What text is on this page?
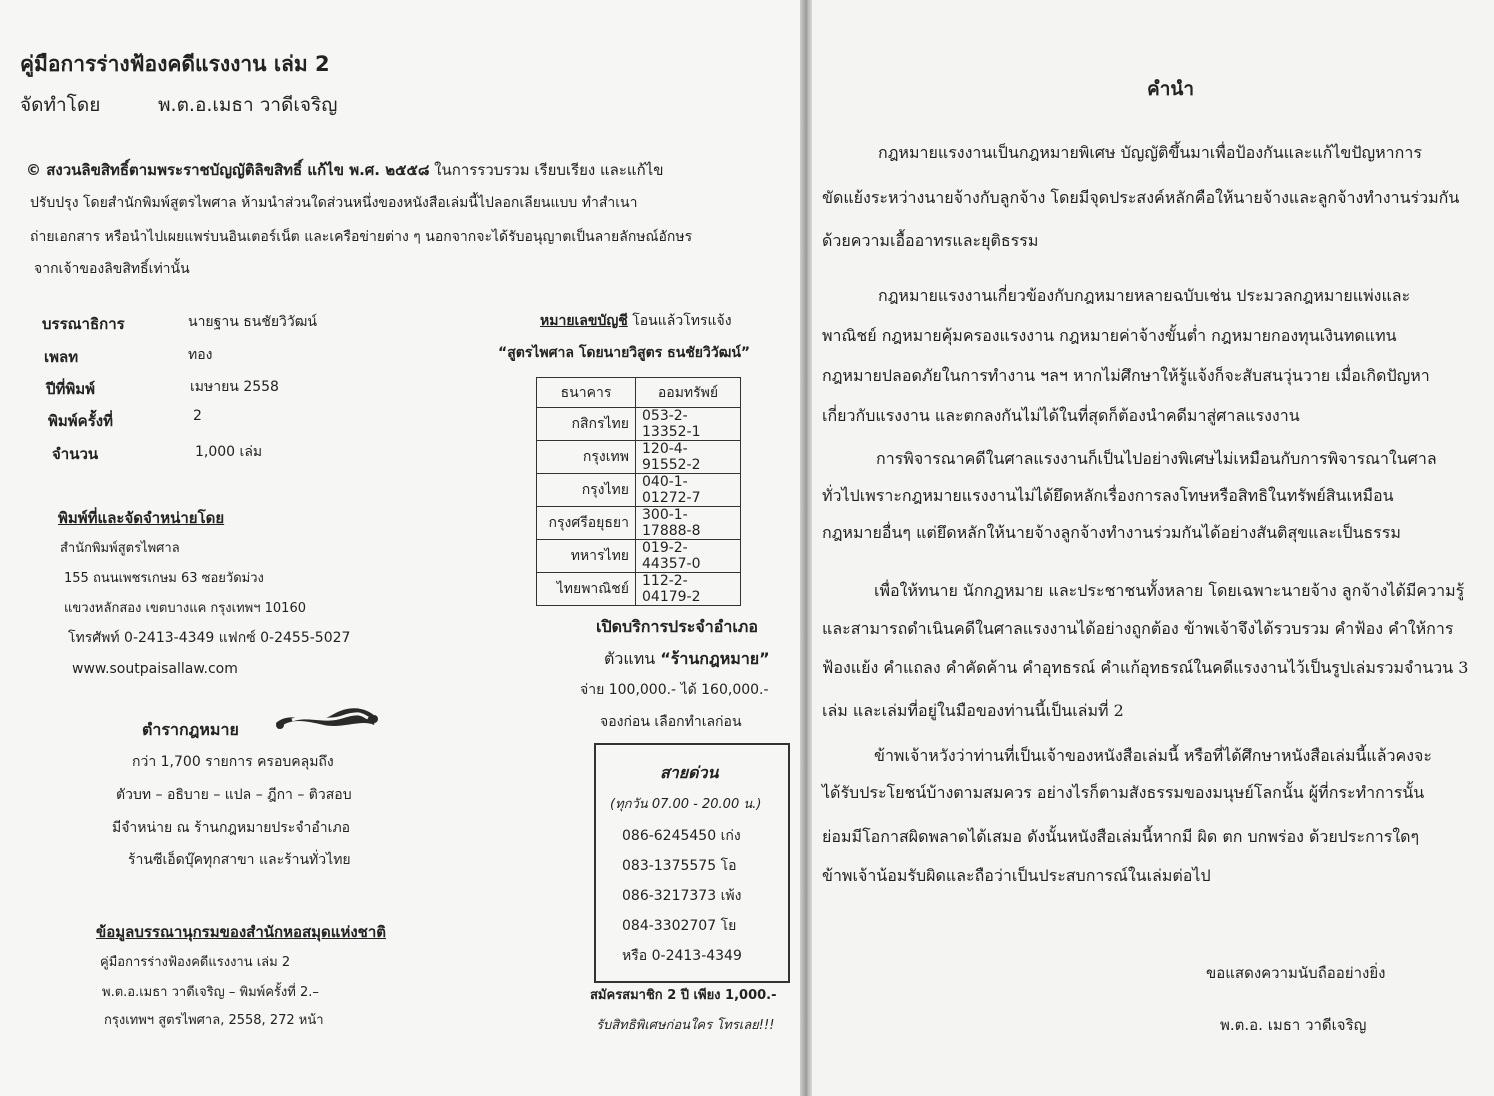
คู่มือการร่างฟ้องคดีแรงงาน เล่ม 2
จัดทำโดย	พ.ต.อ.เมธา วาดีเจริญ
© สงวนลิขสิทธิ์ตามพระราชบัญญัติลิขสิทธิ์ แก้ไข พ.ศ. ๒๕๕๘ ในการรวบรวม เรียบเรียง และแก้ไข
ปรับปรุง โดยสำนักพิมพ์สูตรไพศาล ห้ามนำส่วนใดส่วนหนึ่งของหนังสือเล่มนี้ไปลอกเลียนแบบ ทำสำเนา
ถ่ายเอกสาร หรือนำไปเผยแพร่บนอินเตอร์เน็ต และเครือข่ายต่าง ๆ นอกจากจะได้รับอนุญาตเป็นลายลักษณ์อักษร
จากเจ้าของลิขสิทธิ์เท่านั้น
บรรณาธิการ	นายฐาน ธนชัยวิวัฒน์
เพลท	ทอง
ปีที่พิมพ์	เมษายน 2558
พิมพ์ครั้งที่	2
จำนวน	1,000 เล่ม
หมายเลขบัญชี โอนแล้วโทรแจ้ง
“สูตรไพศาล โดยนายวิสูตร ธนชัยวิวัฒน์”
ธนาคาร	ออมทรัพย์
กสิกรไทย	053-2-13352-1
กรุงเทพ	120-4-91552-2
กรุงไทย	040-1-01272-7
กรุงศรีอยุธยา	300-1-17888-8
ทหารไทย	019-2-44357-0
ไทยพาณิชย์	112-2-04179-2
พิมพ์ที่และจัดจำหน่ายโดย
สำนักพิมพ์สูตรไพศาล
155 ถนนเพชรเกษม 63 ซอยวัดม่วง
แขวงหลักสอง เขตบางแค กรุงเทพฯ 10160
โทรศัพท์ 0-2413-4349 แฟกซ์ 0-2455-5027
www.soutpaisallaw.com
เปิดบริการประจำอำเภอ
ตัวแทน “ร้านกฎหมาย”
จ่าย 100,000.- ได้ 160,000.-
จองก่อน เลือกทำเลก่อน
ตำรากฎหมาย
กว่า 1,700 รายการ ครอบคลุมถึง
ตัวบท – อธิบาย – แปล – ฎีกา – ติวสอบ
มีจำหน่าย ณ ร้านกฎหมายประจำอำเภอ
ร้านซีเอ็ดบุ๊คทุกสาขา และร้านทั่วไทย
สายด่วน
(ทุกวัน 07.00 - 20.00 น.)
086-6245450 เก่ง
083-1375575 โอ
086-3217373 เพ้ง
084-3302707 โย
หรือ 0-2413-4349
สมัครสมาชิก 2 ปี เพียง 1,000.-
รับสิทธิพิเศษก่อนใคร โทรเลย!!!
ข้อมูลบรรณานุกรมของสำนักหอสมุดแห่งชาติ
คู่มือการร่างฟ้องคดีแรงงาน เล่ม 2
พ.ต.อ.เมธา วาดีเจริญ – พิมพ์ครั้งที่ 2.–
กรุงเทพฯ สูตรไพศาล, 2558, 272 หน้า
คำนำ
กฎหมายแรงงานเป็นกฎหมายพิเศษ บัญญัติขึ้นมาเพื่อป้องกันและแก้ไขปัญหาการ
ขัดแย้งระหว่างนายจ้างกับลูกจ้าง โดยมีจุดประสงค์หลักคือให้นายจ้างและลูกจ้างทำงานร่วมกัน
ด้วยความเอื้ออาทรและยุติธรรม
กฎหมายแรงงานเกี่ยวข้องกับกฎหมายหลายฉบับเช่น ประมวลกฎหมายแพ่งและ
พาณิชย์ กฎหมายคุ้มครองแรงงาน กฎหมายค่าจ้างขั้นต่ำ กฎหมายกองทุนเงินทดแทน
กฎหมายปลอดภัยในการทำงาน ฯลฯ หากไม่ศึกษาให้รู้แจ้งก็จะสับสนวุ่นวาย เมื่อเกิดปัญหา
เกี่ยวกับแรงงาน และตกลงกันไม่ได้ในที่สุดก็ต้องนำคดีมาสู่ศาลแรงงาน
การพิจารณาคดีในศาลแรงงานก็เป็นไปอย่างพิเศษไม่เหมือนกับการพิจารณาในศาล
ทั่วไปเพราะกฎหมายแรงงานไม่ได้ยึดหลักเรื่องการลงโทษหรือสิทธิในทรัพย์สินเหมือน
กฎหมายอื่นๆ แต่ยึดหลักให้นายจ้างลูกจ้างทำงานร่วมกันได้อย่างสันติสุขและเป็นธรรม
เพื่อให้ทนาย นักกฎหมาย และประชาชนทั้งหลาย โดยเฉพาะนายจ้าง ลูกจ้างได้มีความรู้
และสามารถดำเนินคดีในศาลแรงงานได้อย่างถูกต้อง ข้าพเจ้าจึงได้รวบรวม คำฟ้อง คำให้การ
ฟ้องแย้ง คำแถลง คำคัดค้าน คำอุทธรณ์ คำแก้อุทธรณ์ในคดีแรงงานไว้เป็นรูปเล่มรวมจำนวน 3
เล่ม และเล่มที่อยู่ในมือของท่านนี้เป็นเล่มที่ 2
ข้าพเจ้าหวังว่าท่านที่เป็นเจ้าของหนังสือเล่มนี้ หรือที่ได้ศึกษาหนังสือเล่มนี้แล้วคงจะ
ได้รับประโยชน์บ้างตามสมควร อย่างไรก็ตามสังธรรมของมนุษย์โลกนั้น ผู้ที่กระทำการนั้น
ย่อมมีโอกาสผิดพลาดได้เสมอ ดังนั้นหนังสือเล่มนี้หากมี ผิด ตก บกพร่อง ด้วยประการใดๆ
ข้าพเจ้าน้อมรับผิดและถือว่าเป็นประสบการณ์ในเล่มต่อไป
ขอแสดงความนับถืออย่างยิ่ง
พ.ต.อ. เมธา วาดีเจริญ
